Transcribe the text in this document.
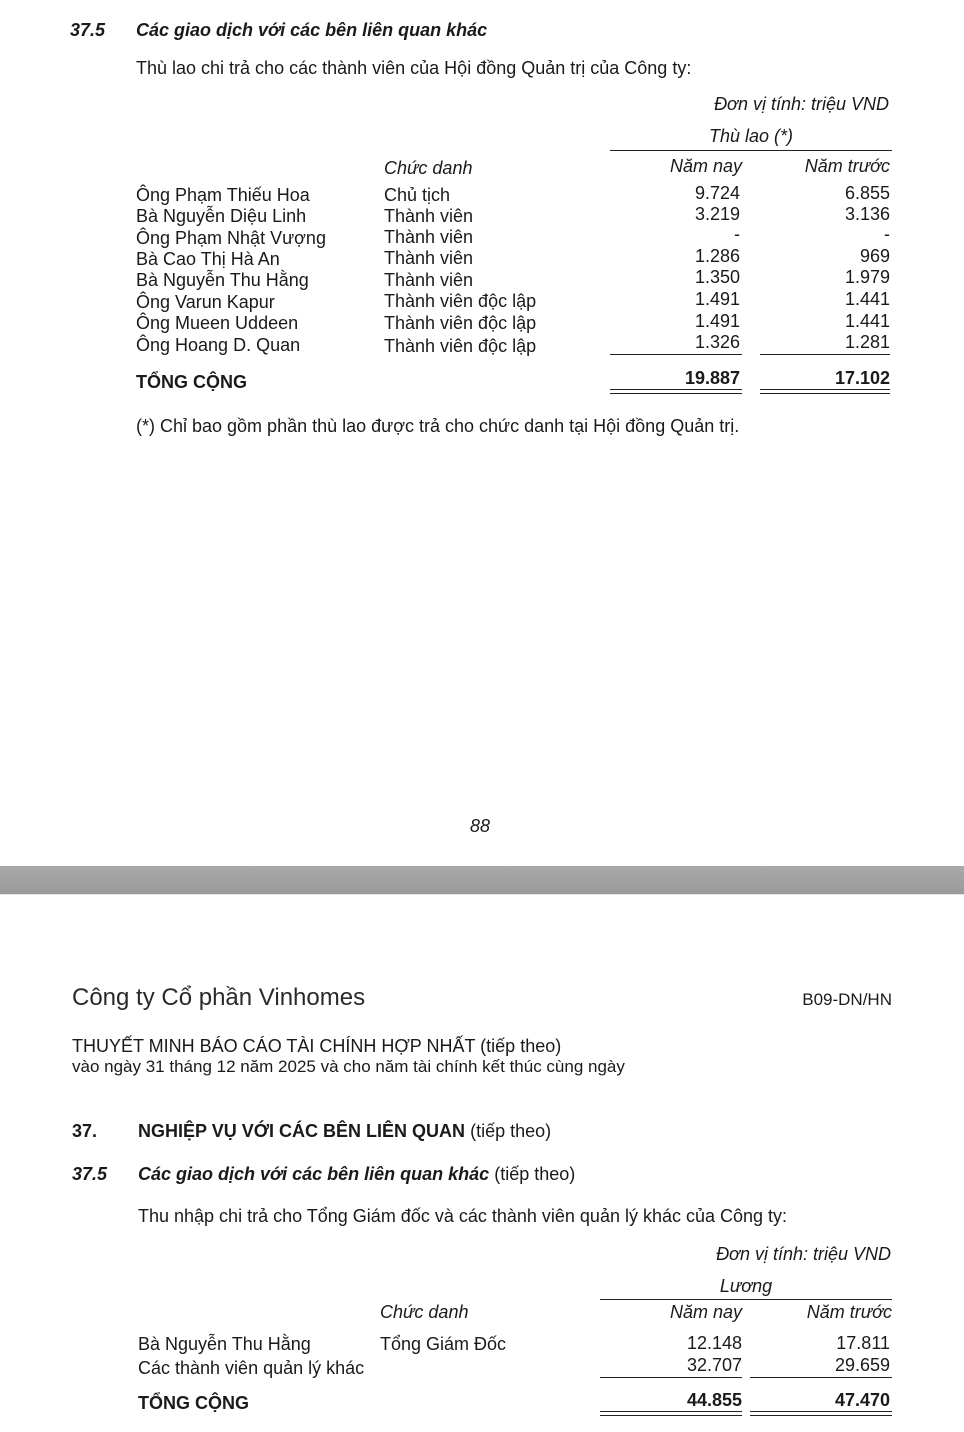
37.5 Các giao dịch với các bên liên quan khác
Thù lao chi trả cho các thành viên của Hội đồng Quản trị của Công ty:
Đơn vị tính: triệu VND
Thù lao (*)
Chức danh	Năm nay	Năm trước
Ông Phạm Thiếu Hoa	Chủ tịch	9.724	6.855
Bà Nguyễn Diệu Linh	Thành viên	3.219	3.136
Ông Phạm Nhật Vượng	Thành viên	-	-
Bà Cao Thị Hà An	Thành viên	1.286	969
Bà Nguyễn Thu Hằng	Thành viên	1.350	1.979
Ông Varun Kapur	Thành viên độc lập	1.491	1.441
Ông Mueen Uddeen	Thành viên độc lập	1.491	1.441
Ông Hoang D. Quan	Thành viên độc lập	1.326	1.281
TỔNG CỘNG	19.887	17.102
(*) Chỉ bao gồm phần thù lao được trả cho chức danh tại Hội đồng Quản trị.
88
Công ty Cổ phần Vinhomes	B09-DN/HN
THUYẾT MINH BÁO CÁO TÀI CHÍNH HỢP NHẤT (tiếp theo)
vào ngày 31 tháng 12 năm 2025 và cho năm tài chính kết thúc cùng ngày
37. NGHIỆP VỤ VỚI CÁC BÊN LIÊN QUAN (tiếp theo)
37.5 Các giao dịch với các bên liên quan khác (tiếp theo)
Thu nhập chi trả cho Tổng Giám đốc và các thành viên quản lý khác của Công ty:
Đơn vị tính: triệu VND
Lương
Chức danh	Năm nay	Năm trước
Bà Nguyễn Thu Hằng	Tổng Giám Đốc	12.148	17.811
Các thành viên quản lý khác	32.707	29.659
TỔNG CỘNG	44.855	47.470
